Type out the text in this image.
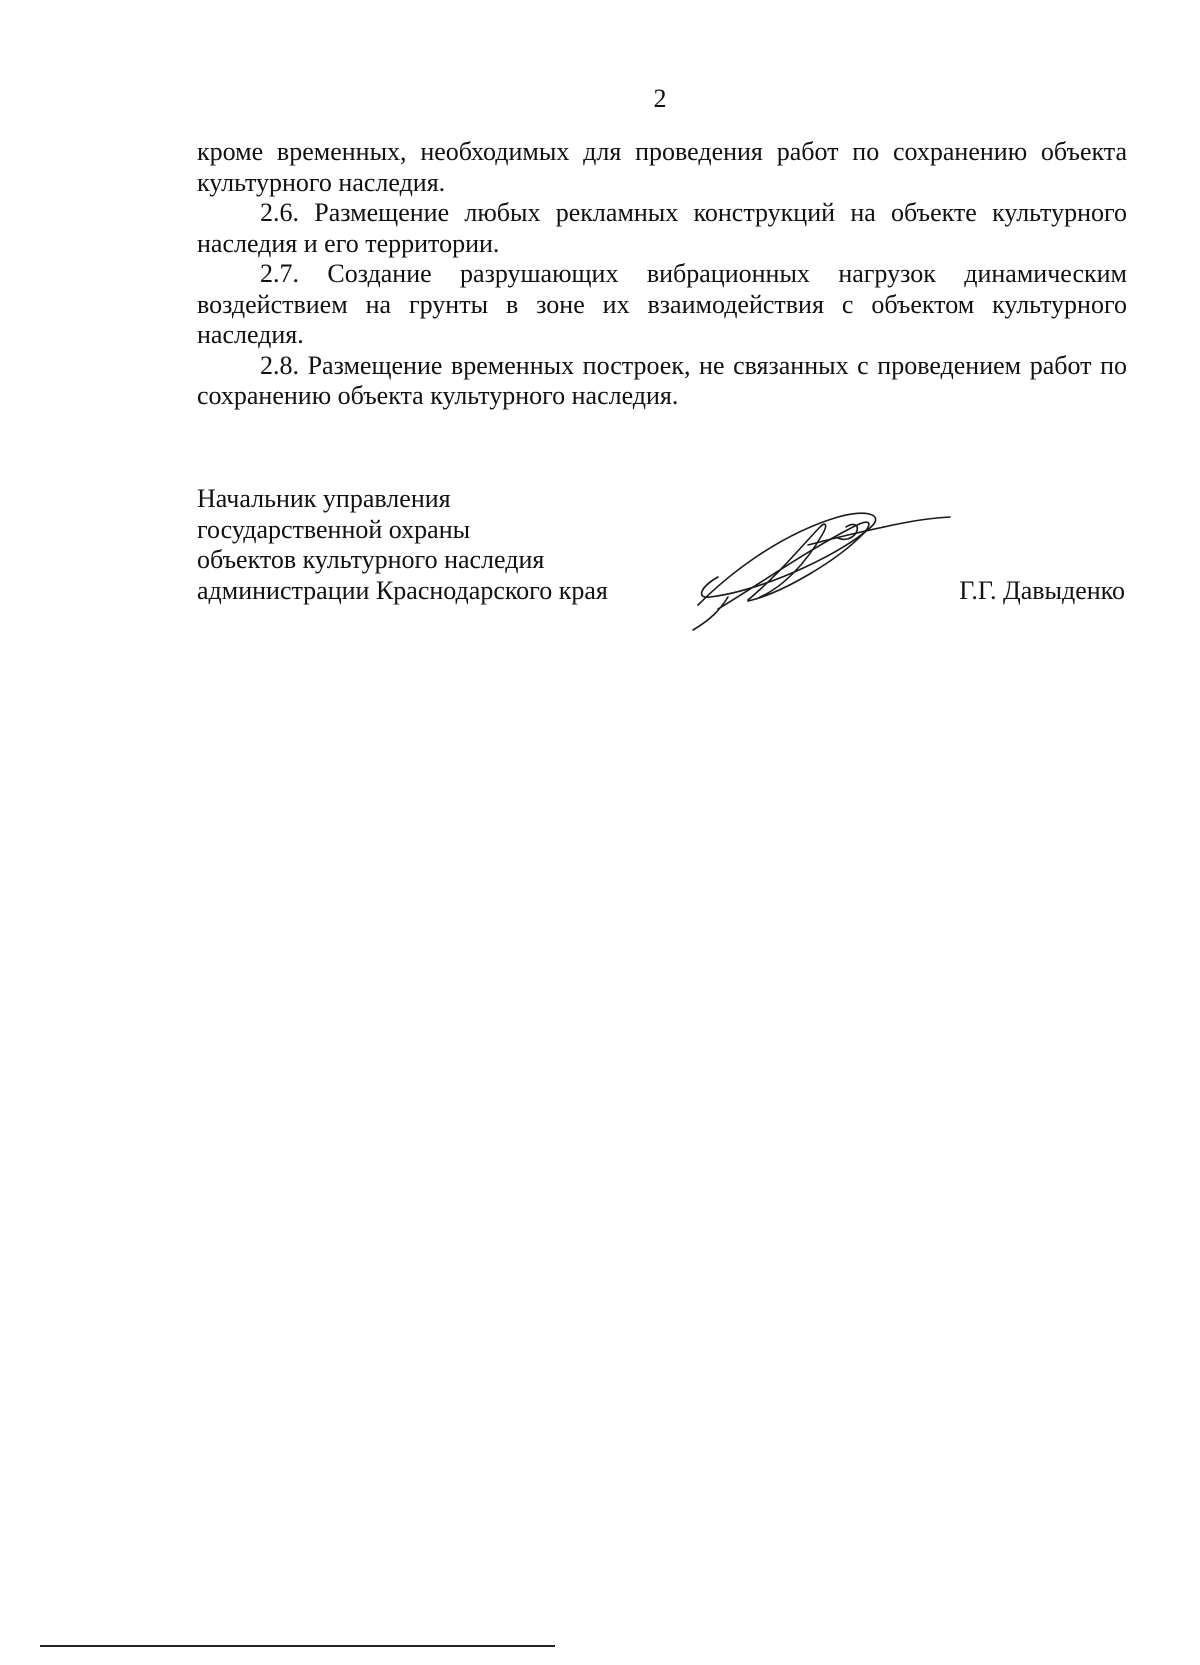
2

кроме временных, необходимых для проведения работ по сохранению объекта культурного наследия.

2.6. Размещение любых рекламных конструкций на объекте культурного наследия и его территории.

2.7. Создание разрушающих вибрационных нагрузок динамическим воздействием на грунты в зоне их взаимодействия с объектом культурного наследия.

2.8. Размещение временных построек, не связанных с проведением работ по сохранению объекта культурного наследия.

Начальник управления
государственной охраны
объектов культурного наследия
администрации Краснодарского края	Г.Г. Давыденко
